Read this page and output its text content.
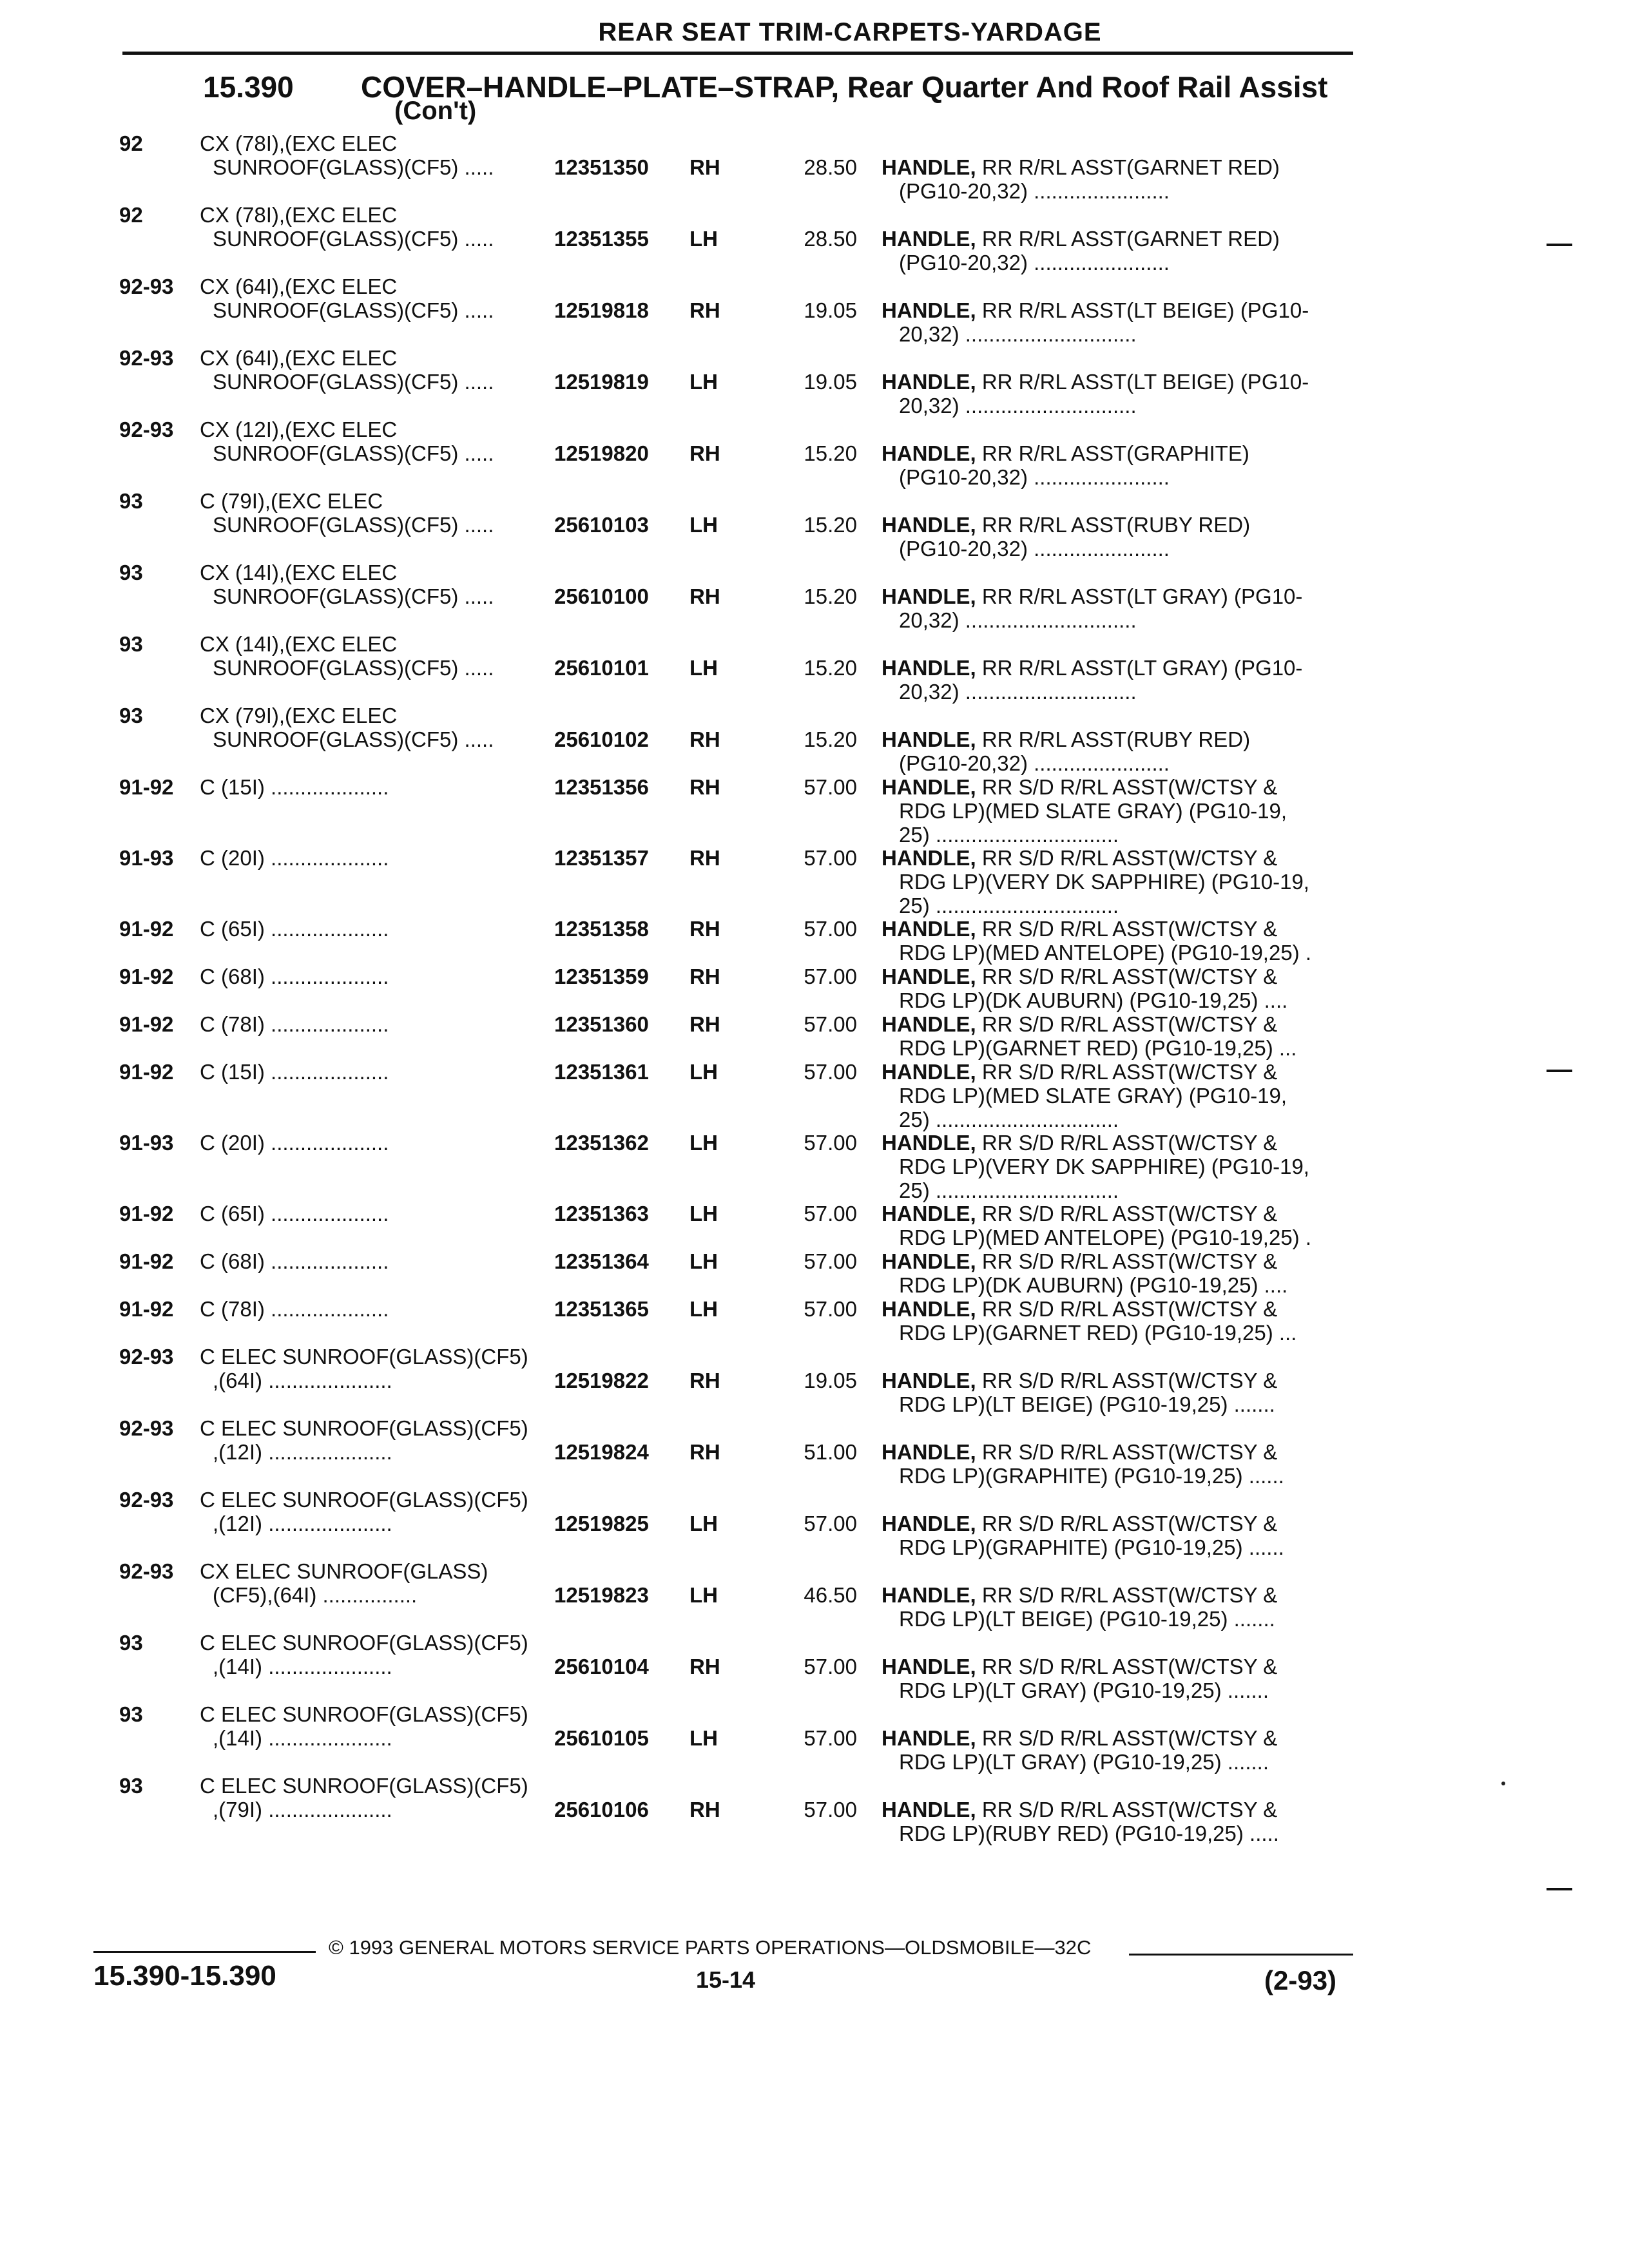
REAR SEAT TRIM-CARPETS-YARDAGE
15.390 COVER–HANDLE–PLATE–STRAP, Rear Quarter And Roof Rail Assist
(Con't)
92	CX (78I),(EXC ELEC
SUNROOF(GLASS)(CF5) .....	12351350 RH	28.50 HANDLE, RR R/RL ASST(GARNET RED)
(PG10-20,32) .......................
92	CX (78I),(EXC ELEC
SUNROOF(GLASS)(CF5) .....	12351355 LH	28.50 HANDLE, RR R/RL ASST(GARNET RED)
(PG10-20,32) .......................
92-93 CX (64I),(EXC ELEC
SUNROOF(GLASS)(CF5) .....	12519818 RH	19.05 HANDLE, RR R/RL ASST(LT BEIGE) (PG10-
20,32) .............................
92-93 CX (64I),(EXC ELEC
SUNROOF(GLASS)(CF5) .....	12519819 LH	19.05 HANDLE, RR R/RL ASST(LT BEIGE) (PG10-
20,32) .............................
92-93 CX (12I),(EXC ELEC
SUNROOF(GLASS)(CF5) .....	12519820 RH	15.20 HANDLE, RR R/RL ASST(GRAPHITE)
(PG10-20,32) .......................
93	C (79I),(EXC ELEC
SUNROOF(GLASS)(CF5) .....	25610103 LH	15.20 HANDLE, RR R/RL ASST(RUBY RED)
(PG10-20,32) .......................
93	CX (14I),(EXC ELEC
SUNROOF(GLASS)(CF5) .....	25610100 RH	15.20 HANDLE, RR R/RL ASST(LT GRAY) (PG10-
20,32) .............................
93	CX (14I),(EXC ELEC
SUNROOF(GLASS)(CF5) .....	25610101 LH	15.20 HANDLE, RR R/RL ASST(LT GRAY) (PG10-
20,32) .............................
93	CX (79I),(EXC ELEC
SUNROOF(GLASS)(CF5) .....	25610102 RH	15.20 HANDLE, RR R/RL ASST(RUBY RED)
(PG10-20,32) .......................
91-92 C (15I) ....................	12351356 RH	57.00 HANDLE, RR S/D R/RL ASST(W/CTSY &
RDG LP)(MED SLATE GRAY) (PG10-19,
25) ...............................
91-93 C (20I) ....................	12351357 RH	57.00 HANDLE, RR S/D R/RL ASST(W/CTSY &
RDG LP)(VERY DK SAPPHIRE) (PG10-19,
25) ...............................
91-92 C (65I) ....................	12351358 RH	57.00 HANDLE, RR S/D R/RL ASST(W/CTSY &
RDG LP)(MED ANTELOPE) (PG10-19,25) .
91-92 C (68I) ....................	12351359 RH	57.00 HANDLE, RR S/D R/RL ASST(W/CTSY &
RDG LP)(DK AUBURN) (PG10-19,25) ....
91-92 C (78I) ....................	12351360 RH	57.00 HANDLE, RR S/D R/RL ASST(W/CTSY &
RDG LP)(GARNET RED) (PG10-19,25) ...
91-92 C (15I) ....................	12351361 LH	57.00 HANDLE, RR S/D R/RL ASST(W/CTSY &
RDG LP)(MED SLATE GRAY) (PG10-19,
25) ...............................
91-93 C (20I) ....................	12351362 LH	57.00 HANDLE, RR S/D R/RL ASST(W/CTSY &
RDG LP)(VERY DK SAPPHIRE) (PG10-19,
25) ...............................
91-92 C (65I) ....................	12351363 LH	57.00 HANDLE, RR S/D R/RL ASST(W/CTSY &
RDG LP)(MED ANTELOPE) (PG10-19,25) .
91-92 C (68I) ....................	12351364 LH	57.00 HANDLE, RR S/D R/RL ASST(W/CTSY &
RDG LP)(DK AUBURN) (PG10-19,25) ....
91-92 C (78I) ....................	12351365 LH	57.00 HANDLE, RR S/D R/RL ASST(W/CTSY &
RDG LP)(GARNET RED) (PG10-19,25) ...
92-93 C ELEC SUNROOF(GLASS)(CF5)
,(64I) .....................	12519822 RH	19.05 HANDLE, RR S/D R/RL ASST(W/CTSY &
RDG LP)(LT BEIGE) (PG10-19,25) .......
92-93 C ELEC SUNROOF(GLASS)(CF5)
,(12I) .....................	12519824 RH	51.00 HANDLE, RR S/D R/RL ASST(W/CTSY &
RDG LP)(GRAPHITE) (PG10-19,25) ......
92-93 C ELEC SUNROOF(GLASS)(CF5)
,(12I) .....................	12519825 LH	57.00 HANDLE, RR S/D R/RL ASST(W/CTSY &
RDG LP)(GRAPHITE) (PG10-19,25) ......
92-93 CX ELEC SUNROOF(GLASS)
(CF5),(64I) ................	12519823 LH	46.50 HANDLE, RR S/D R/RL ASST(W/CTSY &
RDG LP)(LT BEIGE) (PG10-19,25) .......
93	C ELEC SUNROOF(GLASS)(CF5)
,(14I) .....................	25610104 RH	57.00 HANDLE, RR S/D R/RL ASST(W/CTSY &
RDG LP)(LT GRAY) (PG10-19,25) .......
93	C ELEC SUNROOF(GLASS)(CF5)
,(14I) .....................	25610105 LH	57.00 HANDLE, RR S/D R/RL ASST(W/CTSY &
RDG LP)(LT GRAY) (PG10-19,25) .......
93	C ELEC SUNROOF(GLASS)(CF5)
,(79I) .....................	25610106 RH	57.00 HANDLE, RR S/D R/RL ASST(W/CTSY &
RDG LP)(RUBY RED) (PG10-19,25) .....
© 1993 GENERAL MOTORS SERVICE PARTS OPERATIONS—OLDSMOBILE—32C
15.390-15.390	15-14	(2-93)
